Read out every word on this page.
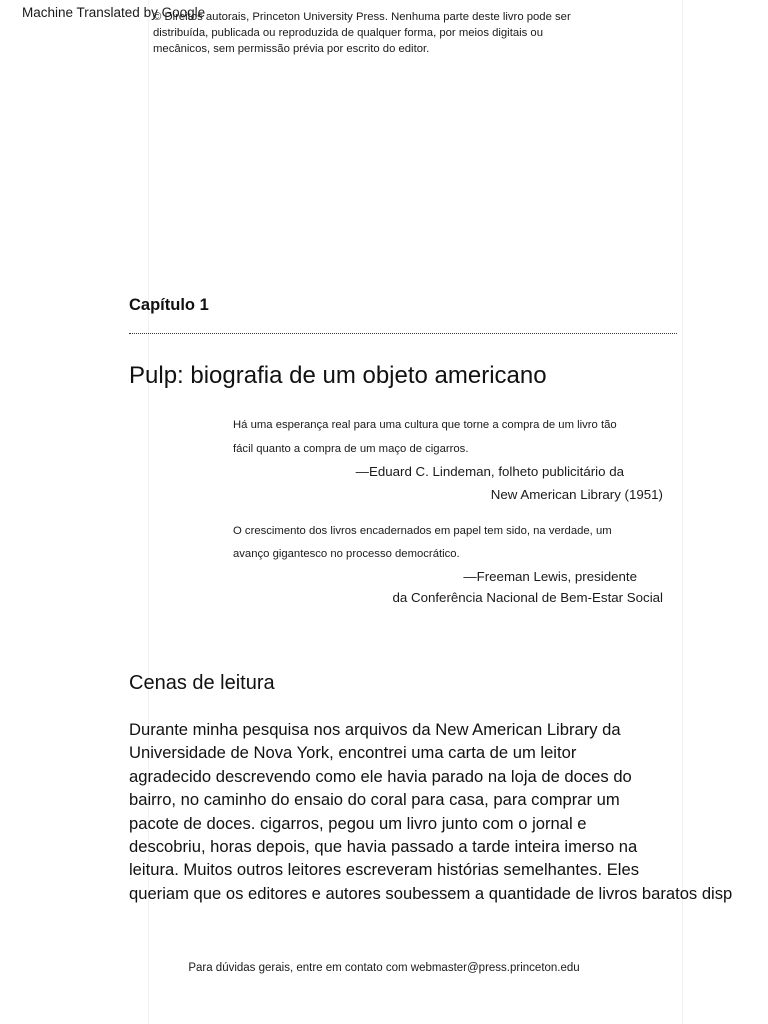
Machine Translated by Google
© Direitos autorais, Princeton University Press. Nenhuma parte deste livro pode ser
distribuída, publicada ou reproduzida de qualquer forma, por meios digitais ou
mecânicos, sem permissão prévia por escrito do editor.
Capítulo 1
Pulp: biografia de um objeto americano
Há uma esperança real para uma cultura que torne a compra de um livro tão
fácil quanto a compra de um maço de cigarros.
—Eduard C. Lindeman, folheto publicitário da
New American Library (1951)
O crescimento dos livros encadernados em papel tem sido, na verdade, um
avanço gigantesco no processo democrático.
—Freeman Lewis, presidente
da Conferência Nacional de Bem-Estar Social
Cenas de leitura
Durante minha pesquisa nos arquivos da New American Library da
Universidade de Nova York, encontrei uma carta de um leitor
agradecido descrevendo como ele havia parado na loja de doces do
bairro, no caminho do ensaio do coral para casa, para comprar um
pacote de doces. cigarros, pegou um livro junto com o jornal e
descobriu, horas depois, que havia passado a tarde inteira imerso na
leitura. Muitos outros leitores escreveram histórias semelhantes. Eles
queriam que os editores e autores soubessem a quantidade de livros baratos disp
Para dúvidas gerais, entre em contato com webmaster@press.princeton.edu
